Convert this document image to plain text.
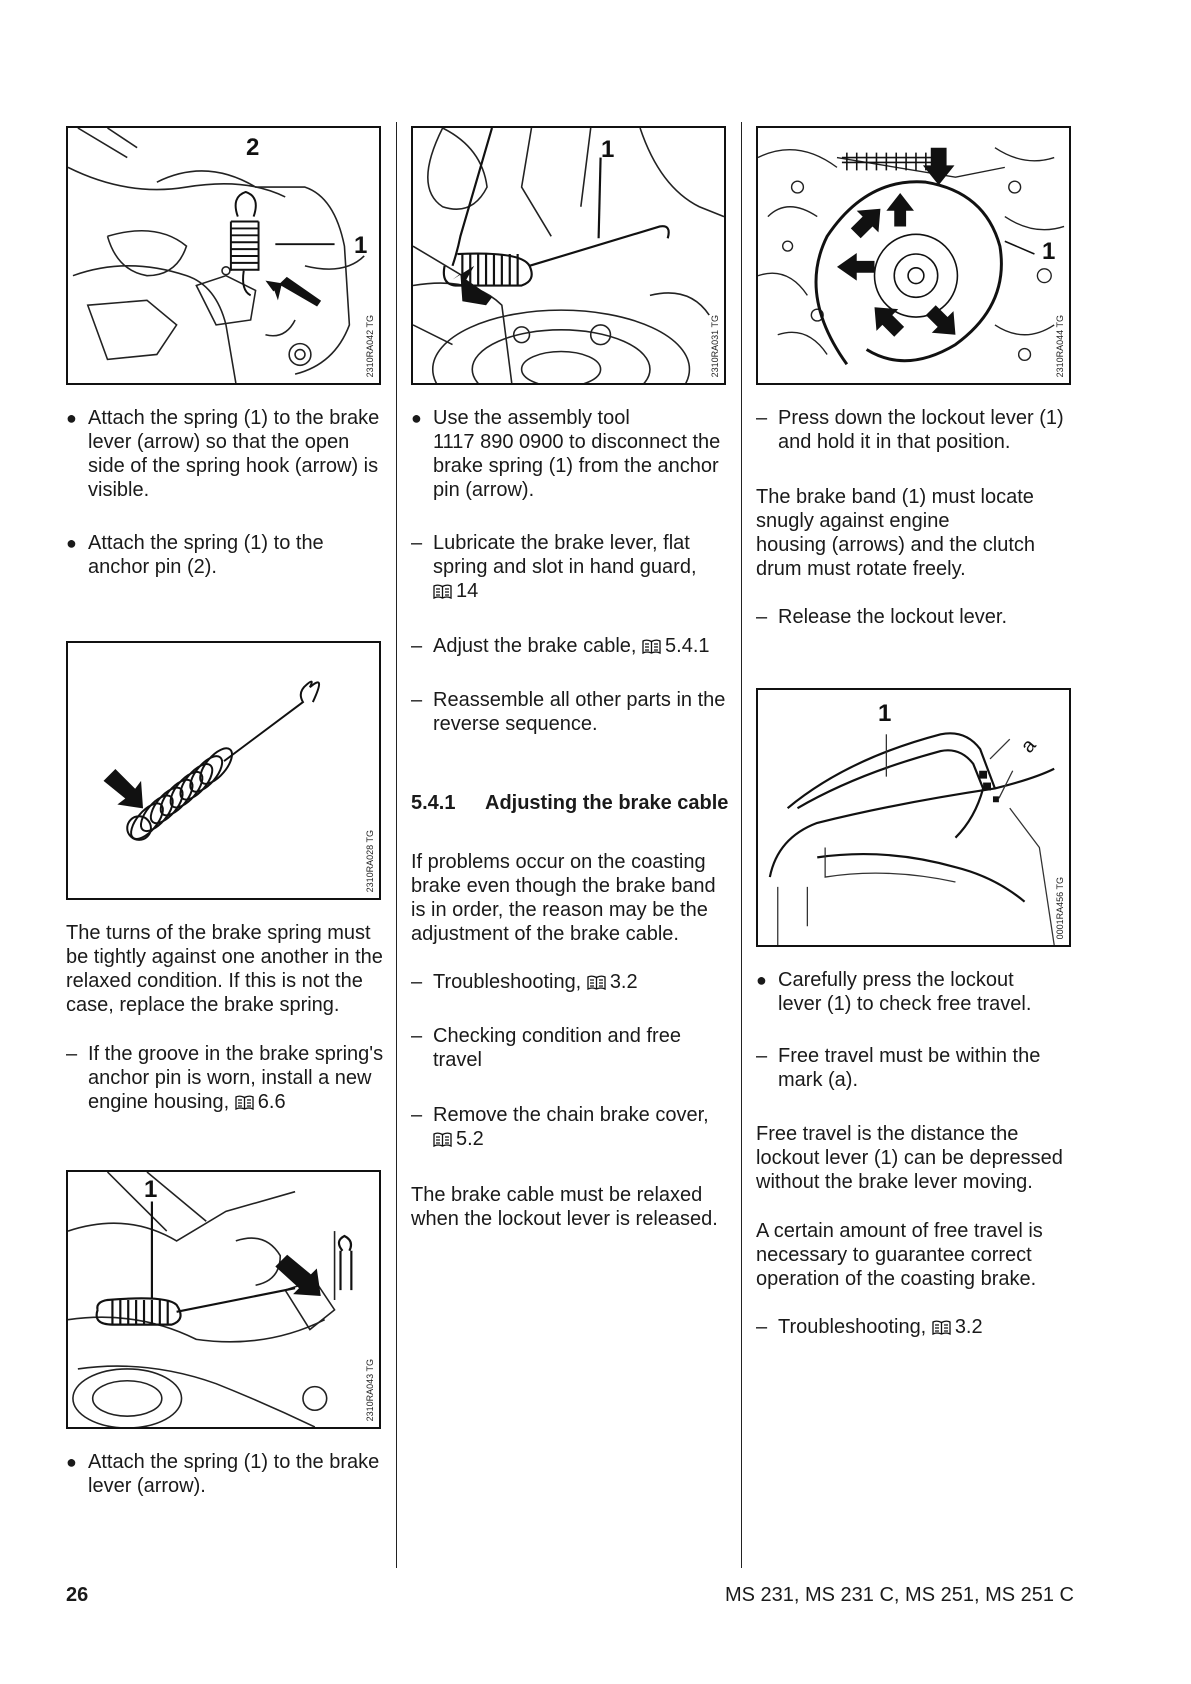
2
1
2310RA042 TG
● Attach the spring (1) to the brake
lever (arrow) so that the open
side of the spring hook (arrow) is
visible.
● Attach the spring (1) to the
anchor pin (2).
2310RA028 TG

The turns of the brake spring must
be tightly against one another in the
relaxed condition. If this is not the
case, replace the brake spring.

– If the groove in the brake spring's
anchor pin is worn, install a new
engine housing, 6.6
1
2310RA043 TG
● Attach the spring (1) to the brake
lever (arrow).
1
2310RA031 TG
● Use the assembly tool
1117 890 0900 to disconnect the
brake spring (1) from the anchor
pin (arrow).
– Lubricate the brake lever, flat
spring and slot in hand guard,
14
– Adjust the brake cable, 5.4.1
– Reassemble all other parts in the
reverse sequence.
5.4.1 Adjusting the brake cable

If problems occur on the coasting
brake even though the brake band
is in order, the reason may be the
adjustment of the brake cable.

– Troubleshooting, 3.2
– Checking condition and free
travel
– Remove the chain brake cover,
5.2

The brake cable must be relaxed
when the lockout lever is released.

1
2310RA044 TG
– Press down the lockout lever (1)
and hold it in that position.

The brake band (1) must locate
snugly against engine
housing (arrows) and the clutch
drum must rotate freely.

– Release the lockout lever.
1
a
0001RA456 TG
● Carefully press the lockout
lever (1) to check free travel.
– Free travel must be within the
mark (a).

Free travel is the distance the
lockout lever (1) can be depressed
without the brake lever moving.

A certain amount of free travel is
necessary to guarantee correct
operation of the coasting brake.

– Troubleshooting, 3.2
26	MS 231, MS 231 C, MS 251, MS 251 C
